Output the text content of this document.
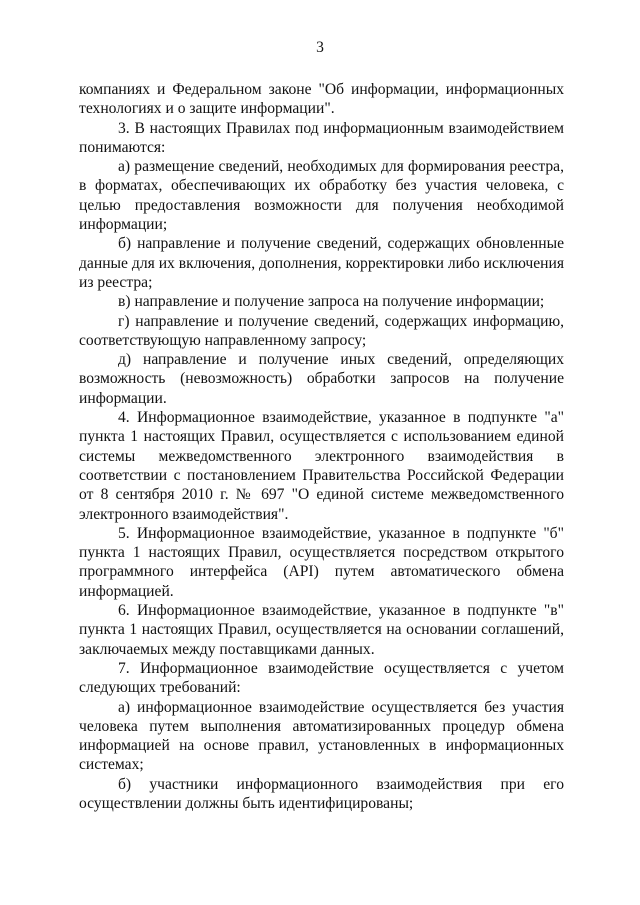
3

компаниях и Федеральном законе "Об информации, информационных технологиях и о защите информации".

3. В настоящих Правилах под информационным взаимодействием понимаются:

а) размещение сведений, необходимых для формирования реестра, в форматах, обеспечивающих их обработку без участия человека, с целью предоставления возможности для получения необходимой информации;

б) направление и получение сведений, содержащих обновленные данные для их включения, дополнения, корректировки либо исключения из реестра;

в) направление и получение запроса на получение информации;

г) направление и получение сведений, содержащих информацию, соответствующую направленному запросу;

д) направление и получение иных сведений, определяющих возможность (невозможность) обработки запросов на получение информации.

4. Информационное взаимодействие, указанное в подпункте "а" пункта 1 настоящих Правил, осуществляется с использованием единой системы межведомственного электронного взаимодействия в соответствии с постановлением Правительства Российской Федерации от 8 сентября 2010 г. № 697 "О единой системе межведомственного электронного взаимодействия".

5. Информационное взаимодействие, указанное в подпункте "б" пункта 1 настоящих Правил, осуществляется посредством открытого программного интерфейса (API) путем автоматического обмена информацией.

6. Информационное взаимодействие, указанное в подпункте "в" пункта 1 настоящих Правил, осуществляется на основании соглашений, заключаемых между поставщиками данных.

7. Информационное взаимодействие осуществляется с учетом следующих требований:

а) информационное взаимодействие осуществляется без участия человека путем выполнения автоматизированных процедур обмена информацией на основе правил, установленных в информационных системах;

б) участники информационного взаимодействия при его осуществлении должны быть идентифицированы;
